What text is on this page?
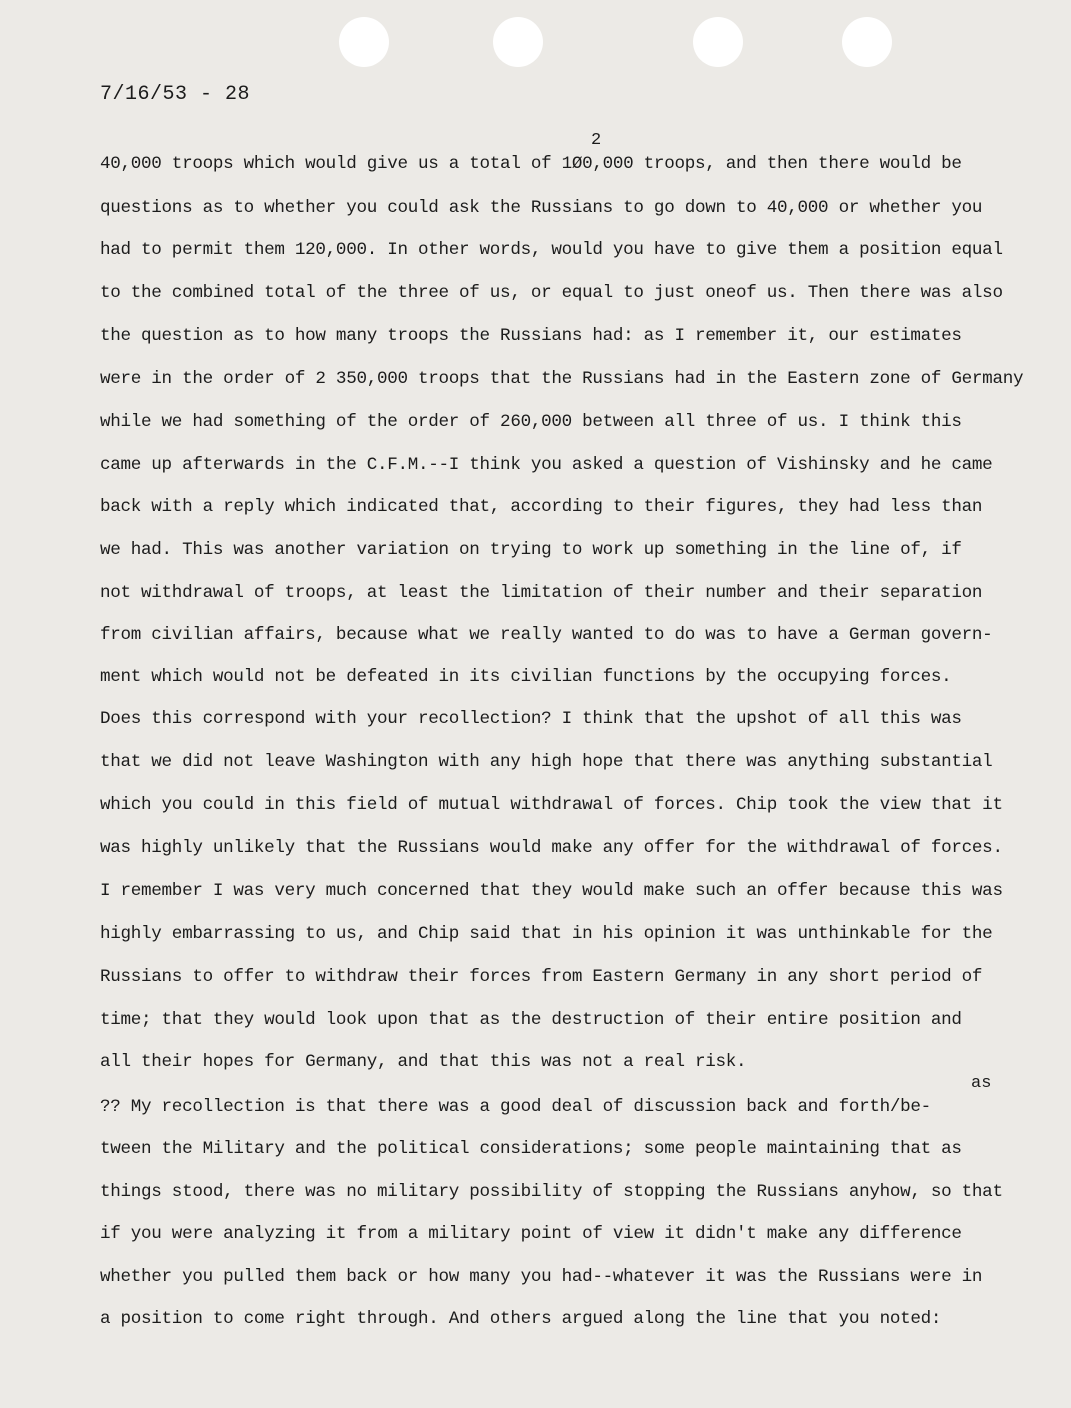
7/16/53 - 28
2
as
40,000 troops which would give us a total of 1Ø0,000 troops, and then there would be
questions as to whether you could ask the Russians to go down to 40,000 or whether you
had to permit them 120,000. In other words, would you have to give them a position equal
to the combined total of the three of us, or equal to just oneof us. Then there was also
the question as to how many troops the Russians had: as I remember it, our estimates
were in the order of 2 350,000 troops that the Russians had in the Eastern zone of Germany
while we had something of the order of 260,000 between all three of us. I think this
came up afterwards in the C.F.M.--I think you asked a question of Vishinsky and he came
back with a reply which indicated that, according to their figures, they had less than
we had. This was another variation on trying to work up something in the line of, if
not withdrawal of troops, at least the limitation of their number and their separation
from civilian affairs, because what we really wanted to do was to have a German govern-
ment which would not be defeated in its civilian functions by the occupying forces.
Does this correspond with your recollection? I think that the upshot of all this was
that we did not leave Washington with any high hope that there was anything substantial
which you could in this field of mutual withdrawal of forces. Chip took the view that it
was highly unlikely that the Russians would make any offer for the withdrawal of forces.
I remember I was very much concerned that they would make such an offer because this was
highly embarrassing to us, and Chip said that in his opinion it was unthinkable for the
Russians to offer to withdraw their forces from Eastern Germany in any short period of
time; that they would look upon that as the destruction of their entire position and
all their hopes for Germany, and that this was not a real risk.
?? My recollection is that there was a good deal of discussion back and forth/be-
tween the Military and the political considerations; some people maintaining that as
things stood, there was no military possibility of stopping the Russians anyhow, so that
if you were analyzing it from a military point of view it didn't make any difference
whether you pulled them back or how many you had--whatever it was the Russians were in
a position to come right through. And others argued along the line that you noted:
